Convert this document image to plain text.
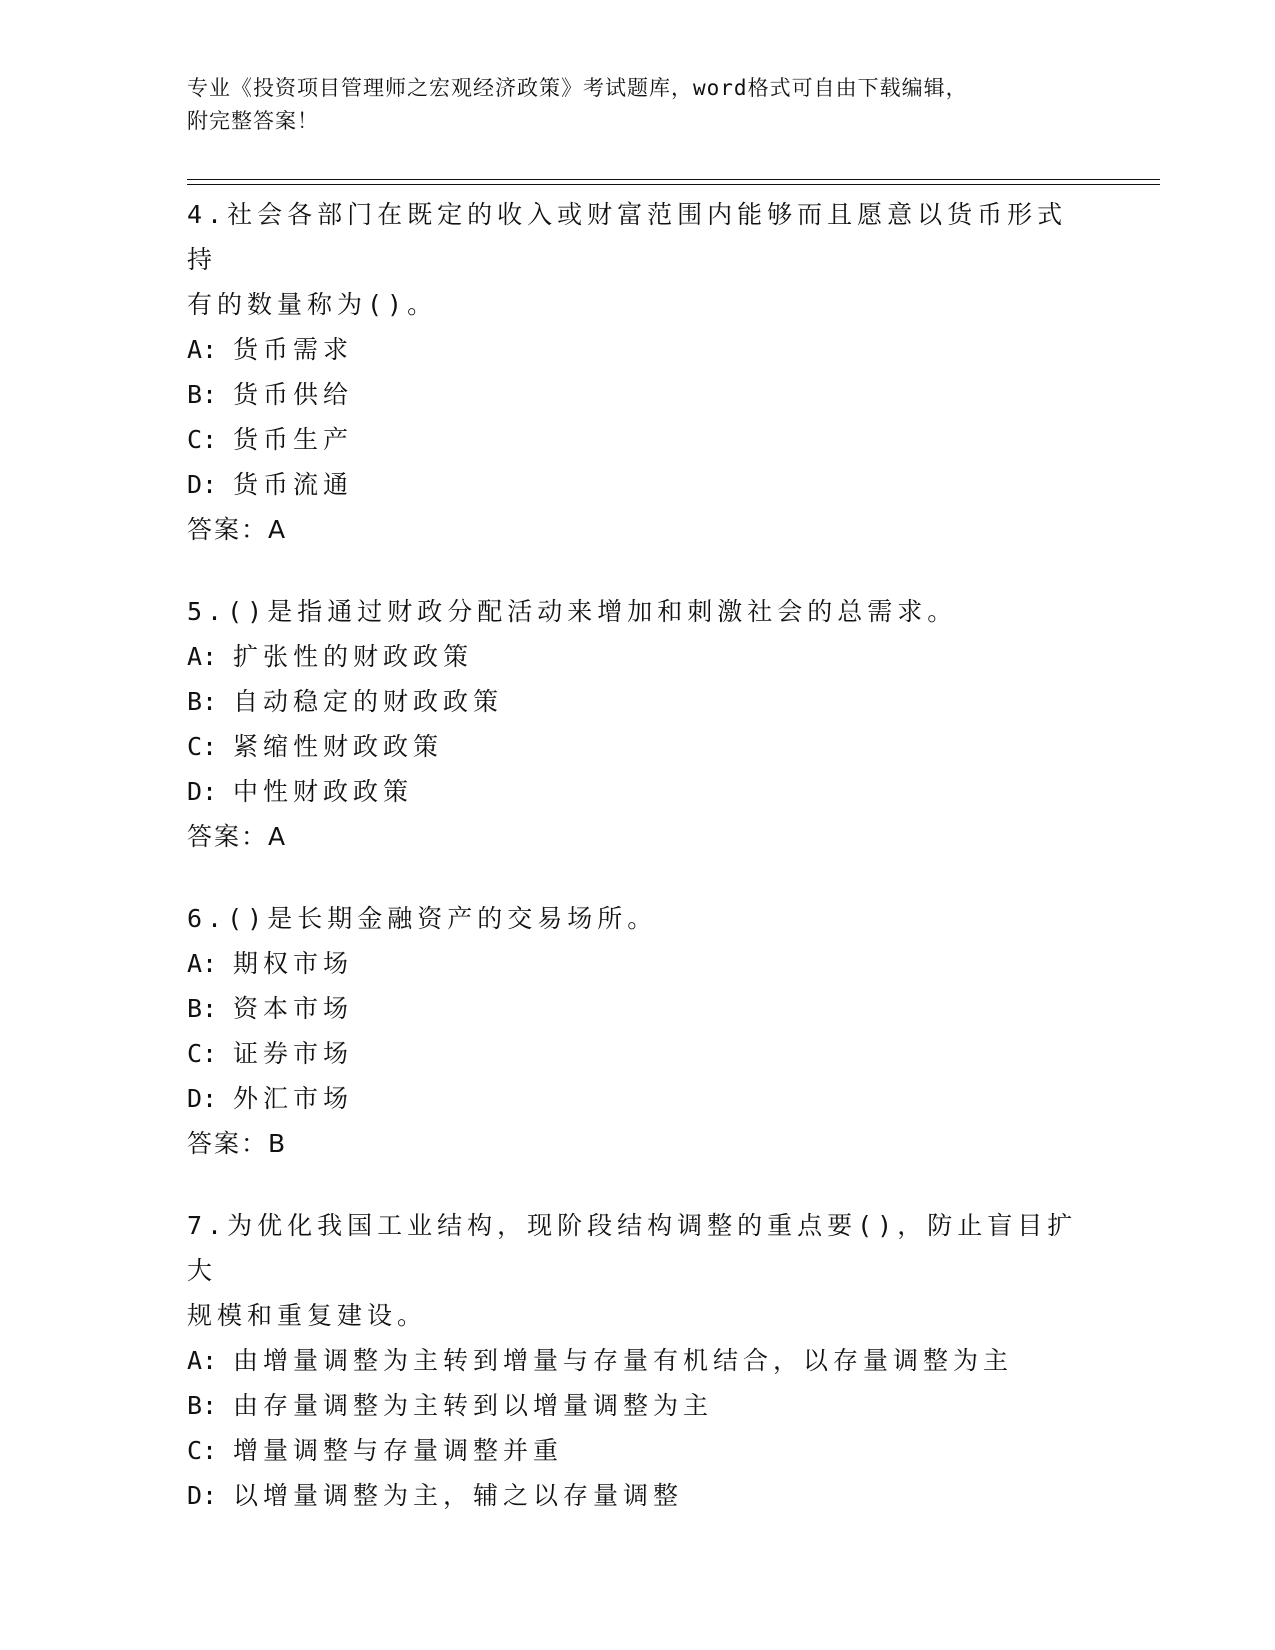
专业《投资项目管理师之宏观经济政策》考试题库，word格式可自由下载编辑，
附完整答案！
4.社会各部门在既定的收入或财富范围内能够而且愿意以货币形式持
有的数量称为()。
A: 货币需求
B: 货币供给
C: 货币生产
D: 货币流通
答案：A
5.()是指通过财政分配活动来增加和刺激社会的总需求。
A: 扩张性的财政政策
B: 自动稳定的财政政策
C: 紧缩性财政政策
D: 中性财政政策
答案：A
6.()是长期金融资产的交易场所。
A: 期权市场
B: 资本市场
C: 证券市场
D: 外汇市场
答案：B
7.为优化我国工业结构，现阶段结构调整的重点要()，防止盲目扩大
规模和重复建设。
A: 由增量调整为主转到增量与存量有机结合，以存量调整为主
B: 由存量调整为主转到以增量调整为主
C: 增量调整与存量调整并重
D: 以增量调整为主，辅之以存量调整
